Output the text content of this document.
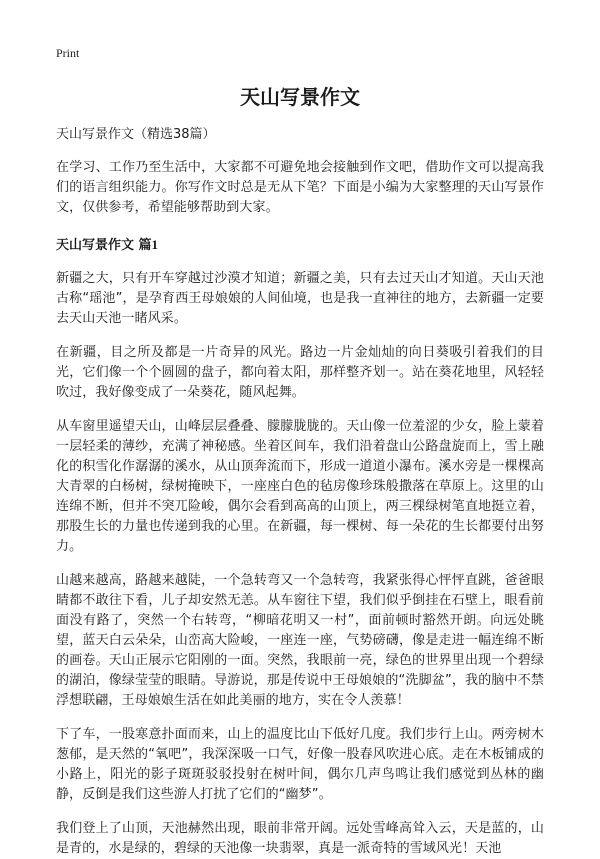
Print

天山写景作文

天山写景作文（精选38篇）

在学习、工作乃至生活中，大家都不可避免地会接触到作文吧，借助作文可以提高我们的语言组织能力。你写作文时总是无从下笔？下面是小编为大家整理的天山写景作文，仅供参考，希望能够帮助到大家。

天山写景作文 篇1

新疆之大，只有开车穿越过沙漠才知道；新疆之美，只有去过天山才知道。天山天池古称“瑶池”，是孕育西王母娘娘的人间仙境，也是我一直神往的地方，去新疆一定要去天山天池一睹风采。

在新疆，目之所及都是一片奇异的风光。路边一片金灿灿的向日葵吸引着我们的目光，它们像一个个圆圆的盘子，都向着太阳，那样整齐划一。站在葵花地里，风轻轻吹过，我好像变成了一朵葵花，随风起舞。

从车窗里遥望天山，山峰层层叠叠、朦朦胧胧的。天山像一位羞涩的少女，脸上蒙着一层轻柔的薄纱，充满了神秘感。坐着区间车，我们沿着盘山公路盘旋而上，雪上融化的积雪化作潺潺的溪水，从山顶奔流而下，形成一道道小瀑布。溪水旁是一棵棵高大青翠的白杨树，绿树掩映下，一座座白色的毡房像珍珠般撒落在草原上。这里的山连绵不断，但并不突兀险峻，偶尔会看到高高的山顶上，两三棵绿树笔直地挺立着，那股生长的力量也传递到我的心里。在新疆，每一棵树、每一朵花的生长都要付出努力。

山越来越高，路越来越陡，一个急转弯又一个急转弯，我紧张得心怦怦直跳，爸爸眼睛都不敢往下看，儿子却安然无恙。从车窗往下望，我们似乎倒挂在石壁上，眼看前面没有路了，突然一个右转弯，“柳暗花明又一村”，面前顿时豁然开朗。向远处眺望，蓝天白云朵朵，山峦高大险峻，一座连一座，气势磅礴，像是走进一幅连绵不断的画卷。天山正展示它阳刚的一面。突然，我眼前一亮，绿色的世界里出现一个碧绿的湖泊，像绿莹莹的眼睛。导游说，那是传说中王母娘娘的“洗脚盆”，我的脑中不禁浮想联翩，王母娘娘生活在如此美丽的地方，实在令人羡慕！

下了车，一股寒意扑面而来，山上的温度比山下低好几度。我们步行上山。两旁树木葱郁，是天然的“氧吧”，我深深吸一口气，好像一股春风吹进心底。走在木板铺成的小路上，阳光的影子斑斑驳驳投射在树叶间，偶尔几声鸟鸣让我们感觉到丛林的幽静，反倒是我们这些游人打扰了它们的“幽梦”。

我们登上了山顶，天池赫然出现，眼前非常开阔。远处雪峰高耸入云，天是蓝的，山是青的，水是绿的，碧绿的天池像一块翡翠，真是一派奇特的雪域风光！天池
